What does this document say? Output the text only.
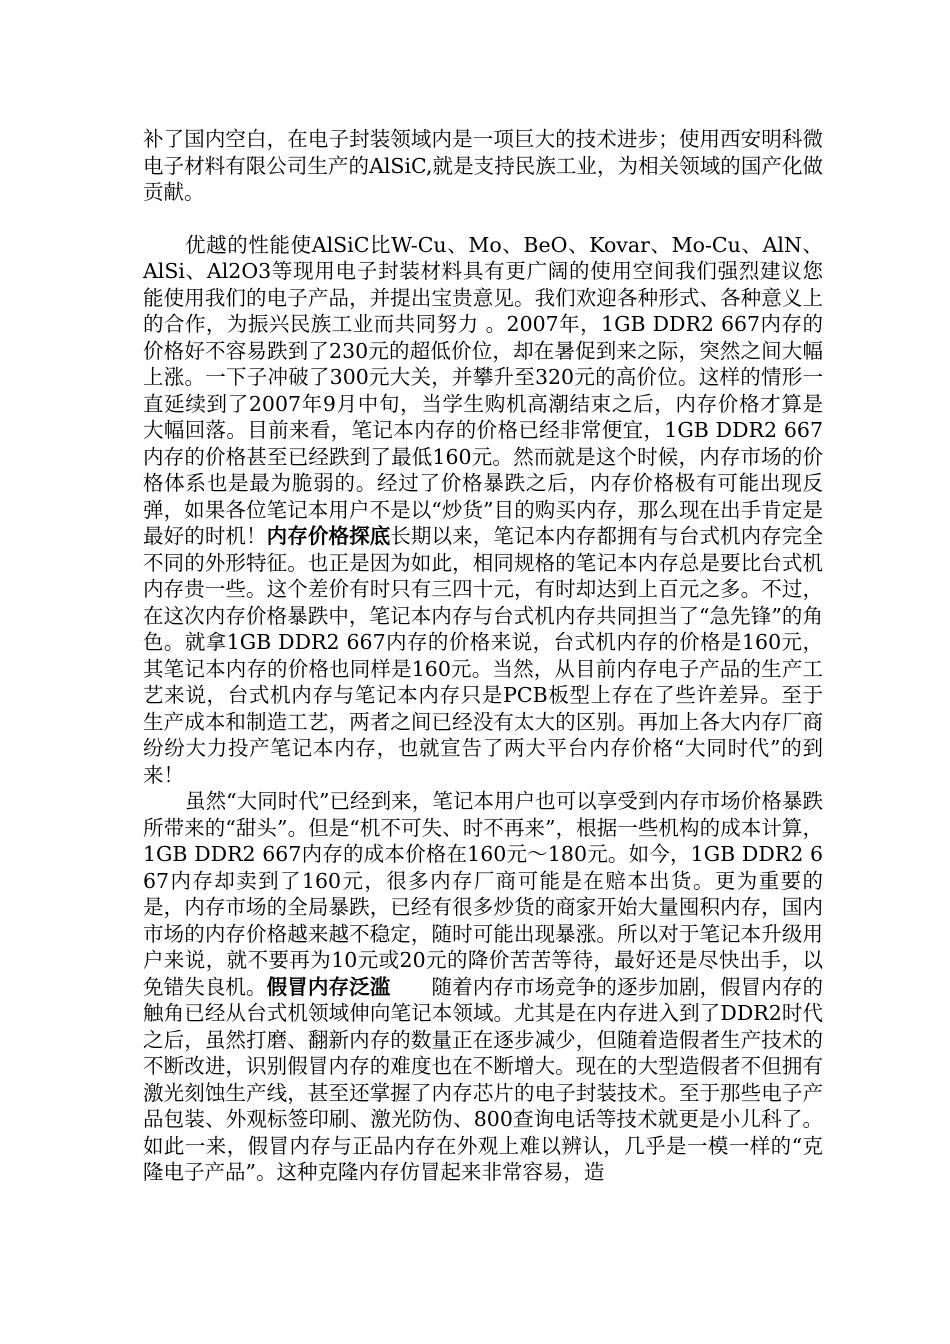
补了国内空白，在电子封装领域内是一项巨大的技术进步；使用西安明科微电子材料有限公司生产的AlSiC,就是支持民族工业，为相关领域的国产化做贡献。

优越的性能使AlSiC比W-Cu、Mo、BeO、Kovar、Mo-Cu、AlN、AlSi、Al2O3等现用电子封装材料具有更广阔的使用空间我们强烈建议您能使用我们的电子产品，并提出宝贵意见。我们欢迎各种形式、各种意义上的合作，为振兴民族工业而共同努力 。2007年，1GB DDR2 667内存的价格好不容易跌到了230元的超低价位，却在暑促到来之际，突然之间大幅上涨。一下子冲破了300元大关，并攀升至320元的高价位。这样的情形一直延续到了2007年9月中旬，当学生购机高潮结束之后，内存价格才算是大幅回落。目前来看，笔记本内存的价格已经非常便宜，1GB DDR2 667内存的价格甚至已经跌到了最低160元。然而就是这个时候，内存市场的价格体系也是最为脆弱的。经过了价格暴跌之后，内存价格极有可能出现反弹，如果各位笔记本用户不是以“炒货”目的购买内存，那么现在出手肯定是最好的时机！内存价格探底长期以来，笔记本内存都拥有与台式机内存完全不同的外形特征。也正是因为如此，相同规格的笔记本内存总是要比台式机内存贵一些。这个差价有时只有三四十元，有时却达到上百元之多。不过，在这次内存价格暴跌中，笔记本内存与台式机内存共同担当了“急先锋”的角色。就拿1GB DDR2 667内存的价格来说，台式机内存的价格是160元，其笔记本内存的价格也同样是160元。当然，从目前内存电子产品的生产工艺来说，台式机内存与笔记本内存只是PCB板型上存在了些许差异。至于生产成本和制造工艺，两者之间已经没有太大的区别。再加上各大内存厂商纷纷大力投产笔记本内存，也就宣告了两大平台内存价格“大同时代”的到来！

虽然“大同时代”已经到来，笔记本用户也可以享受到内存市场价格暴跌所带来的“甜头”。但是“机不可失、时不再来”，根据一些机构的成本计算，1GB DDR2 667内存的成本价格在160元～180元。如今，1GB DDR2 667内存却卖到了160元，很多内存厂商可能是在赔本出货。更为重要的是，内存市场的全局暴跌，已经有很多炒货的商家开始大量囤积内存，国内市场的内存价格越来越不稳定，随时可能出现暴涨。所以对于笔记本升级用户来说，就不要再为10元或20元的降价苦苦等待，最好还是尽快出手，以免错失良机。假冒内存泛滥　　随着内存市场竞争的逐步加剧，假冒内存的触角已经从台式机领域伸向笔记本领域。尤其是在内存进入到了DDR2时代之后，虽然打磨、翻新内存的数量正在逐步减少，但随着造假者生产技术的不断改进，识别假冒内存的难度也在不断增大。现在的大型造假者不但拥有激光刻蚀生产线，甚至还掌握了内存芯片的电子封装技术。至于那些电子产品包装、外观标签印刷、激光防伪、800查询电话等技术就更是小儿科了。如此一来，假冒内存与正品内存在外观上难以辨认，几乎是一模一样的“克隆电子产品”。这种克隆内存仿冒起来非常容易，造
